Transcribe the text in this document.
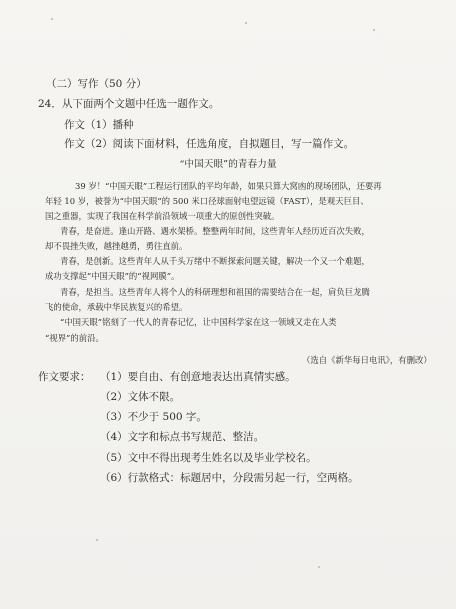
（二）写作（50 分）
24．从下面两个文题中任选一题作文。
作文（1）播种
作文（2）阅读下面材料，任选角度，自拟题目，写一篇作文。
“中国天眼”的青春力量
39 岁！“中国天眼”工程运行团队的平均年龄，如果只算大窝凼的现场团队，还要再
年轻 10 岁，被誉为“中国天眼”的 500 米口径球面射电望远镜（FAST），是观天巨目、
国之重器，实现了我国在科学前沿领域一项重大的原创性突破。
青春，是奋进。逢山开路、遇水架桥。整整两年时间，这些青年人经历近百次失败，
却不畏挫失败，越挫越勇，勇往直前。
青春，是创新。这些青年人从千头万绪中不断探索问题关键，解决一个又一个难题，
成功支撑起“中国天眼”的“视网膜”。
青春，是担当。这些青年人将个人的科研理想和祖国的需要结合在一起，肩负巨龙腾
飞的使命，承载中华民族复兴的希望。
“中国天眼”铭刻了一代人的青春记忆，让中国科学家在这一领域又走在人类
“视界”的前沿。
（选自《新华每日电讯》，有删改）
作文要求： （1）要自由、有创意地表达出真情实感。
（2）文体不限。
（3）不少于 500 字。
（4）文字和标点书写规范、整洁。
（5）文中不得出现考生姓名以及毕业学校名。
（6）行款格式：标题居中，分段需另起一行，空两格。
